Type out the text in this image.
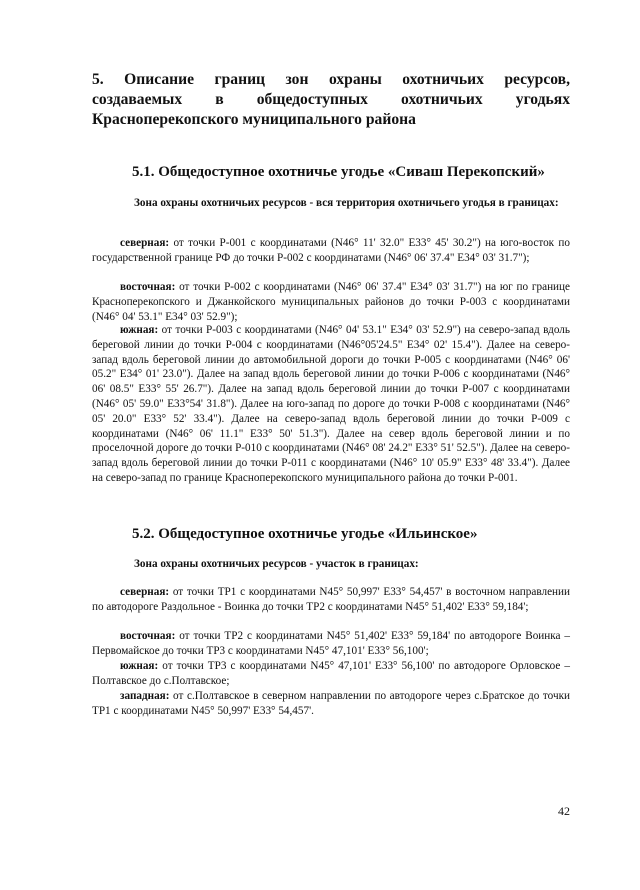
5. Описание границ зон охраны охотничьих ресурсов,
создаваемых в общедоступных охотничьих угодьях Красноперекопского муниципального района
5.1. Общедоступное охотничье угодье «Сиваш Перекопский»
Зона охраны охотничьих ресурсов - вся территория охотничьего угодья в границах:
северная: от точки Р-001 с координатами (N46° 11' 32.0" E33° 45' 30.2") на юго-восток по государственной границе РФ до точки Р-002 с координатами (N46° 06' 37.4" E34° 03' 31.7");
восточная: от точки Р-002 с координатами (N46° 06' 37.4" E34° 03' 31.7") на юг по границе Красноперекопского и Джанкойского муниципальных районов до точки Р-003 с координатами (N46° 04' 53.1" E34° 03' 52.9");
южная: от точки Р-003 с координатами (N46° 04' 53.1" E34° 03' 52.9") на северо-запад вдоль береговой линии до точки Р-004 с координатами (N46°05'24.5" E34° 02' 15.4"). Далее на северо-запад вдоль береговой линии до автомобильной дороги до точки Р-005 с координатами (N46° 06' 05.2" E34° 01' 23.0"). Далее на запад вдоль береговой линии до точки Р-006 с координатами (N46° 06' 08.5" E33° 55' 26.7"). Далее на запад вдоль береговой линии до точки Р-007 с координатами (N46° 05' 59.0" E33°54' 31.8"). Далее на юго-запад по дороге до точки Р-008 с координатами (N46° 05' 20.0" E33° 52' 33.4"). Далее на северо-запад вдоль береговой линии до точки Р-009 с координатами (N46° 06' 11.1" E33° 50' 51.3"). Далее на север вдоль береговой линии и по проселочной дороге до точки Р-010 с координатами (N46° 08' 24.2" E33° 51' 52.5"). Далее на северо-запад вдоль береговой линии до точки Р-011 с координатами (N46° 10' 05.9" E33° 48' 33.4"). Далее на северо-запад по границе Красноперекопского муниципального района до точки Р-001.
5.2. Общедоступное охотничье угодье «Ильинское»
Зона охраны охотничьих ресурсов - участок в границах:
северная: от точки ТР1 с координатами N45° 50,997' E33° 54,457' в восточном направлении по автодороге Раздольное - Воинка до точки ТР2 с координатами N45° 51,402' E33° 59,184';
восточная: от точки ТР2 с координатами N45° 51,402' E33° 59,184' по автодороге Воинка – Первомайское до точки ТР3 с координатами N45° 47,101' E33° 56,100';
южная: от точки ТР3 с координатами N45° 47,101' E33° 56,100' по автодороге Орловское – Полтавское до с.Полтавское;
западная: от с.Полтавское в северном направлении по автодороге через с.Братское до точки ТР1 с координатами N45° 50,997' E33° 54,457'.
42
